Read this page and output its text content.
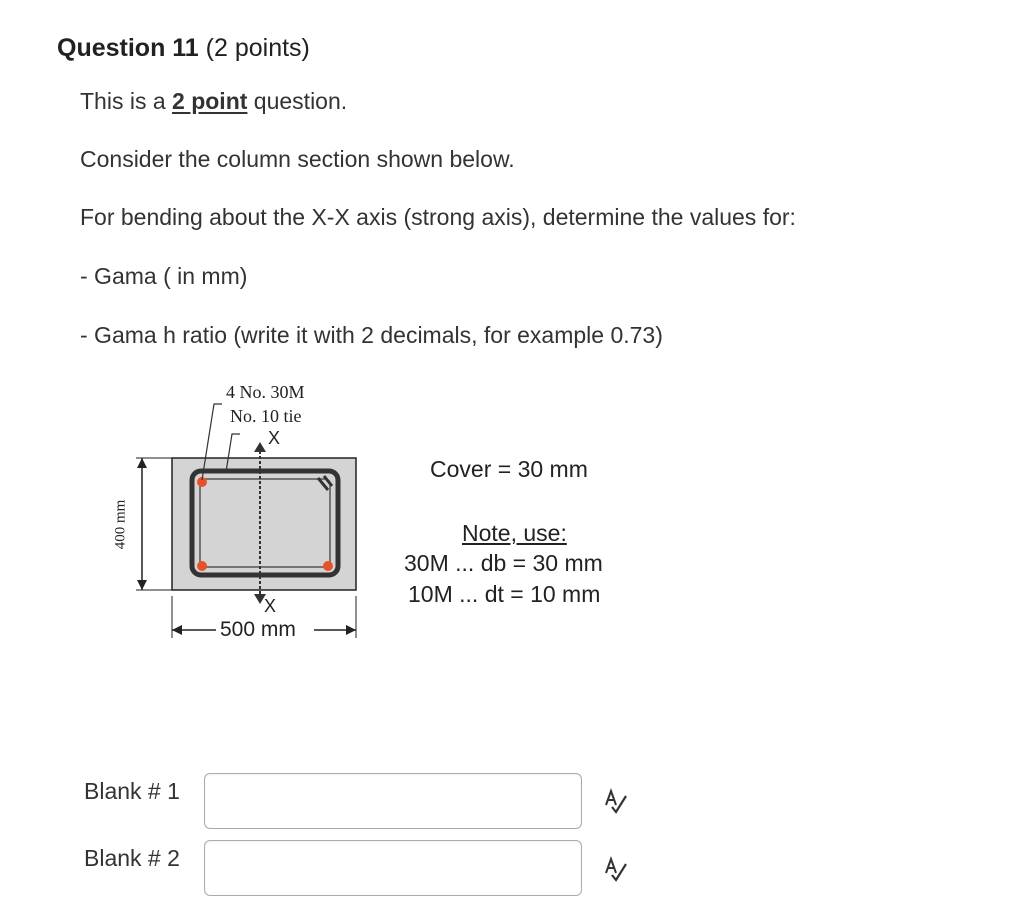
Question 11 (2 points)
This is a 2 point question.
Consider the column section shown below.
For bending about the X-X axis (strong axis), determine the values for:
- Gama ( in mm)
- Gama h ratio (write it with 2 decimals, for example 0.73)
4 No. 30M
No. 10 tie
X
X
400 mm
500 mm
Cover = 30 mm
Note, use:
30M ... db = 30 mm
10M ... dt = 10 mm
Blank # 1
Blank # 2
